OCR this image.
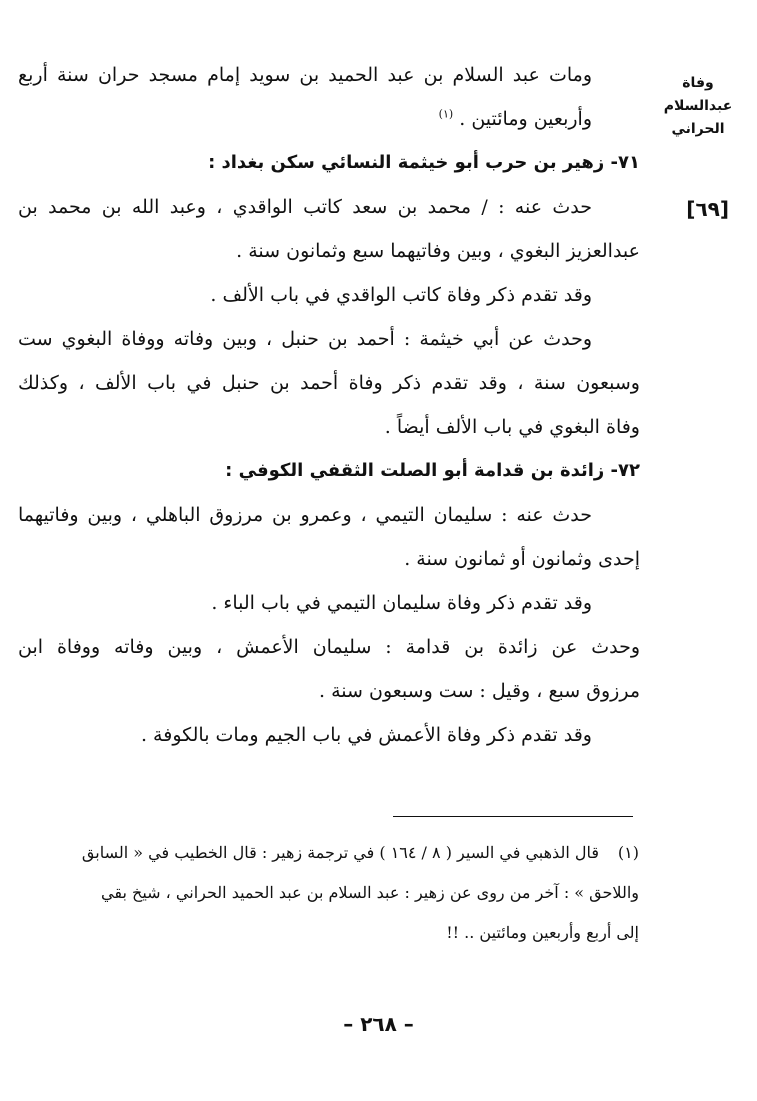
وفاة
عبدالسلام
الحراني
[٦٩]
ومات عبد السلام بن عبد الحميد بن سويد إمام مسجد حران سنة أربع
وأربعين ومائتين . $^{(١)}$
٧١- زهير بن حرب أبو خيثمة النسائي سكن بغداد :
حدث عنه : / محمد بن سعد كاتب الواقدي ، وعبد الله بن محمد بن
عبدالعزيز البغوي ، وبين وفاتيهما سبع وثمانون سنة .
وقد تقدم ذكر وفاة كاتب الواقدي في باب الألف .
وحدث عن أبي خيثمة : أحمد بن حنبل ، وبين وفاته ووفاة البغوي ست
وسبعون سنة ، وقد تقدم ذكر وفاة أحمد بن حنبل في باب الألف ، وكذلك
وفاة البغوي في باب الألف أيضاً .
٧٢- زائدة بن قدامة أبو الصلت الثقفي الكوفي :
حدث عنه : سليمان التيمي ، وعمرو بن مرزوق الباهلي ، وبين وفاتيهما
إحدى وثمانون أو ثمانون سنة .
وقد تقدم ذكر وفاة سليمان التيمي في باب الباء .
وحدث عن زائدة بن قدامة : سليمان الأعمش ، وبين وفاته ووفاة ابن
مرزوق سبع ، وقيل : ست وسبعون سنة .
وقد تقدم ذكر وفاة الأعمش في باب الجيم ومات بالكوفة .
(١)قال الذهبي في السير ( ٨ / ١٦٤ ) في ترجمة زهير : قال الخطيب في « السابق
واللاحق » : آخر من روى عن زهير : عبد السلام بن عبد الحميد الحراني ، شيخ بقي
إلى أربع وأربعين ومائتين .. !!
– ٢٦٨ –
